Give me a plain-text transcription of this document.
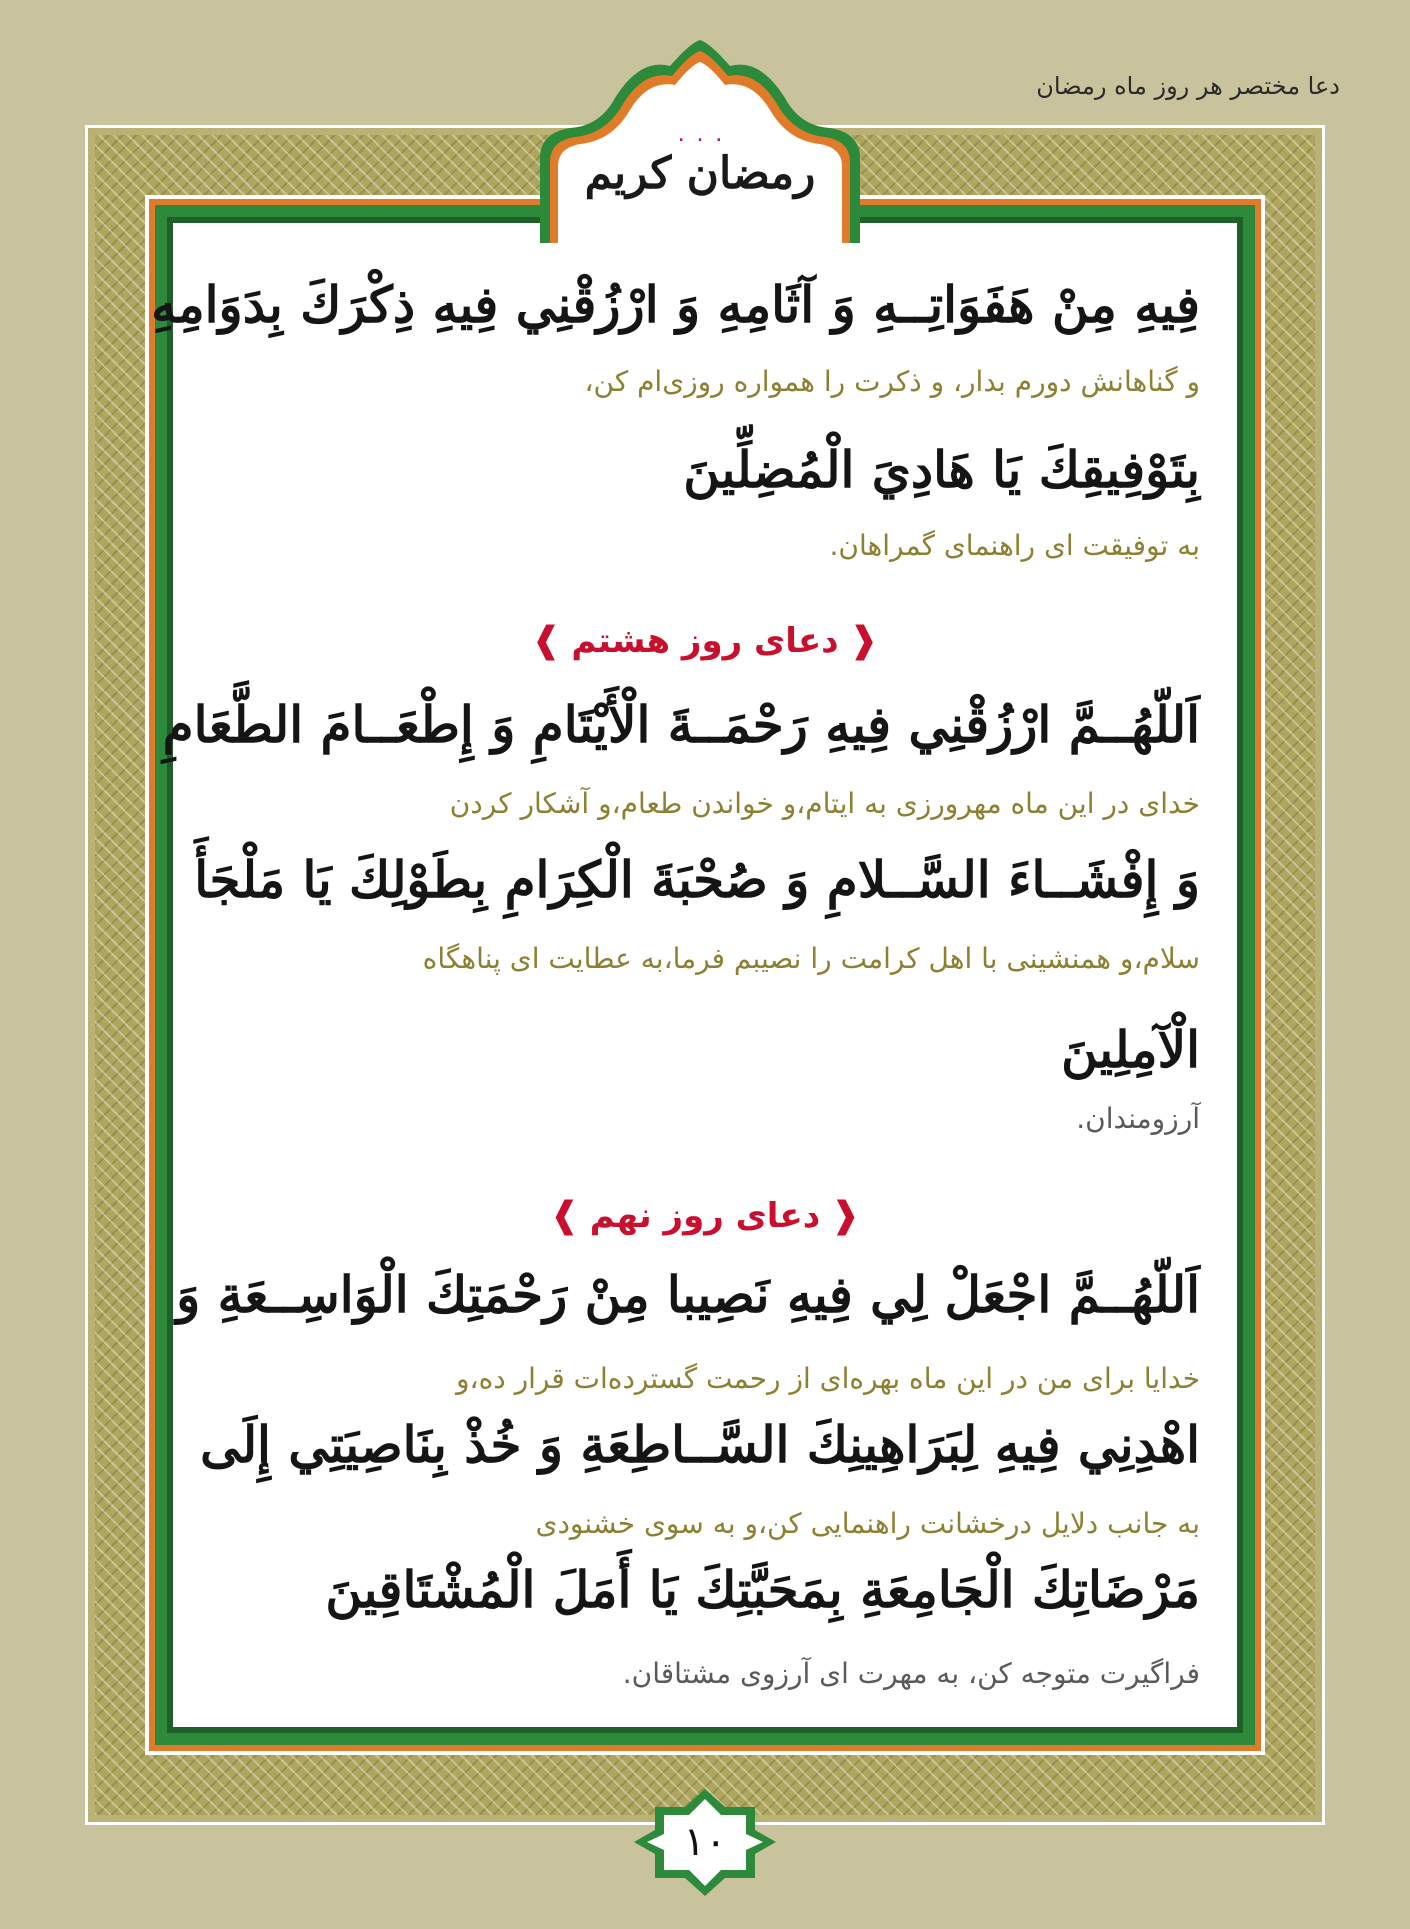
دعا مختصر هر روز ماه رمضان
رمضان کریم
۰ ۰ ۰

فِيهِ مِنْ هَفَوَاتِــهِ وَ آثَامِهِ وَ ارْزُقْنِي فِيهِ ذِكْرَكَ بِدَوَامِهِ

و گناهانش دورم بدار، و ذکرت را همواره روزی‌ام کن،

بِتَوْفِيقِكَ يَا هَادِيَ الْمُضِلِّينَ

به توفیقت ای راهنمای گمراهان.

❰دعای روز هشتم❱

اَللّهُــمَّ ارْزُقْنِي فِيهِ رَحْمَــةَ الْأَيْتَامِ وَ إِطْعَــامَ الطَّعَامِ

خدای در این ماه مهرورزی به ایتام،و خواندن طعام،و آشکار کردن

وَ إِفْشَــاءَ السَّــلامِ وَ صُحْبَةَ الْكِرَامِ بِطَوْلِكَ يَا مَلْجَأَ

سلام،و همنشینی با اهل کرامت را نصیبم فرما،به عطایت ای پناهگاه

الْآمِلِينَ

آرزومندان.

❰دعای روز نهم❱

اَللّهُــمَّ اجْعَلْ لِي فِيهِ نَصِيبا مِنْ رَحْمَتِكَ الْوَاسِــعَةِ وَ

خدایا برای من در این ماه بهره‌ای از رحمت گسترده‌ات قرار ده،و

اهْدِنِي فِيهِ لِبَرَاهِينِكَ السَّــاطِعَةِ وَ خُذْ بِنَاصِيَتِي إِلَى

به جانب دلایل درخشانت راهنمایی کن،و به سوی خشنودی

مَرْضَاتِكَ الْجَامِعَةِ بِمَحَبَّتِكَ يَا أَمَلَ الْمُشْتَاقِينَ

فراگیرت متوجه کن، به مهرت ای آرزوی مشتاقان.

۱۰
